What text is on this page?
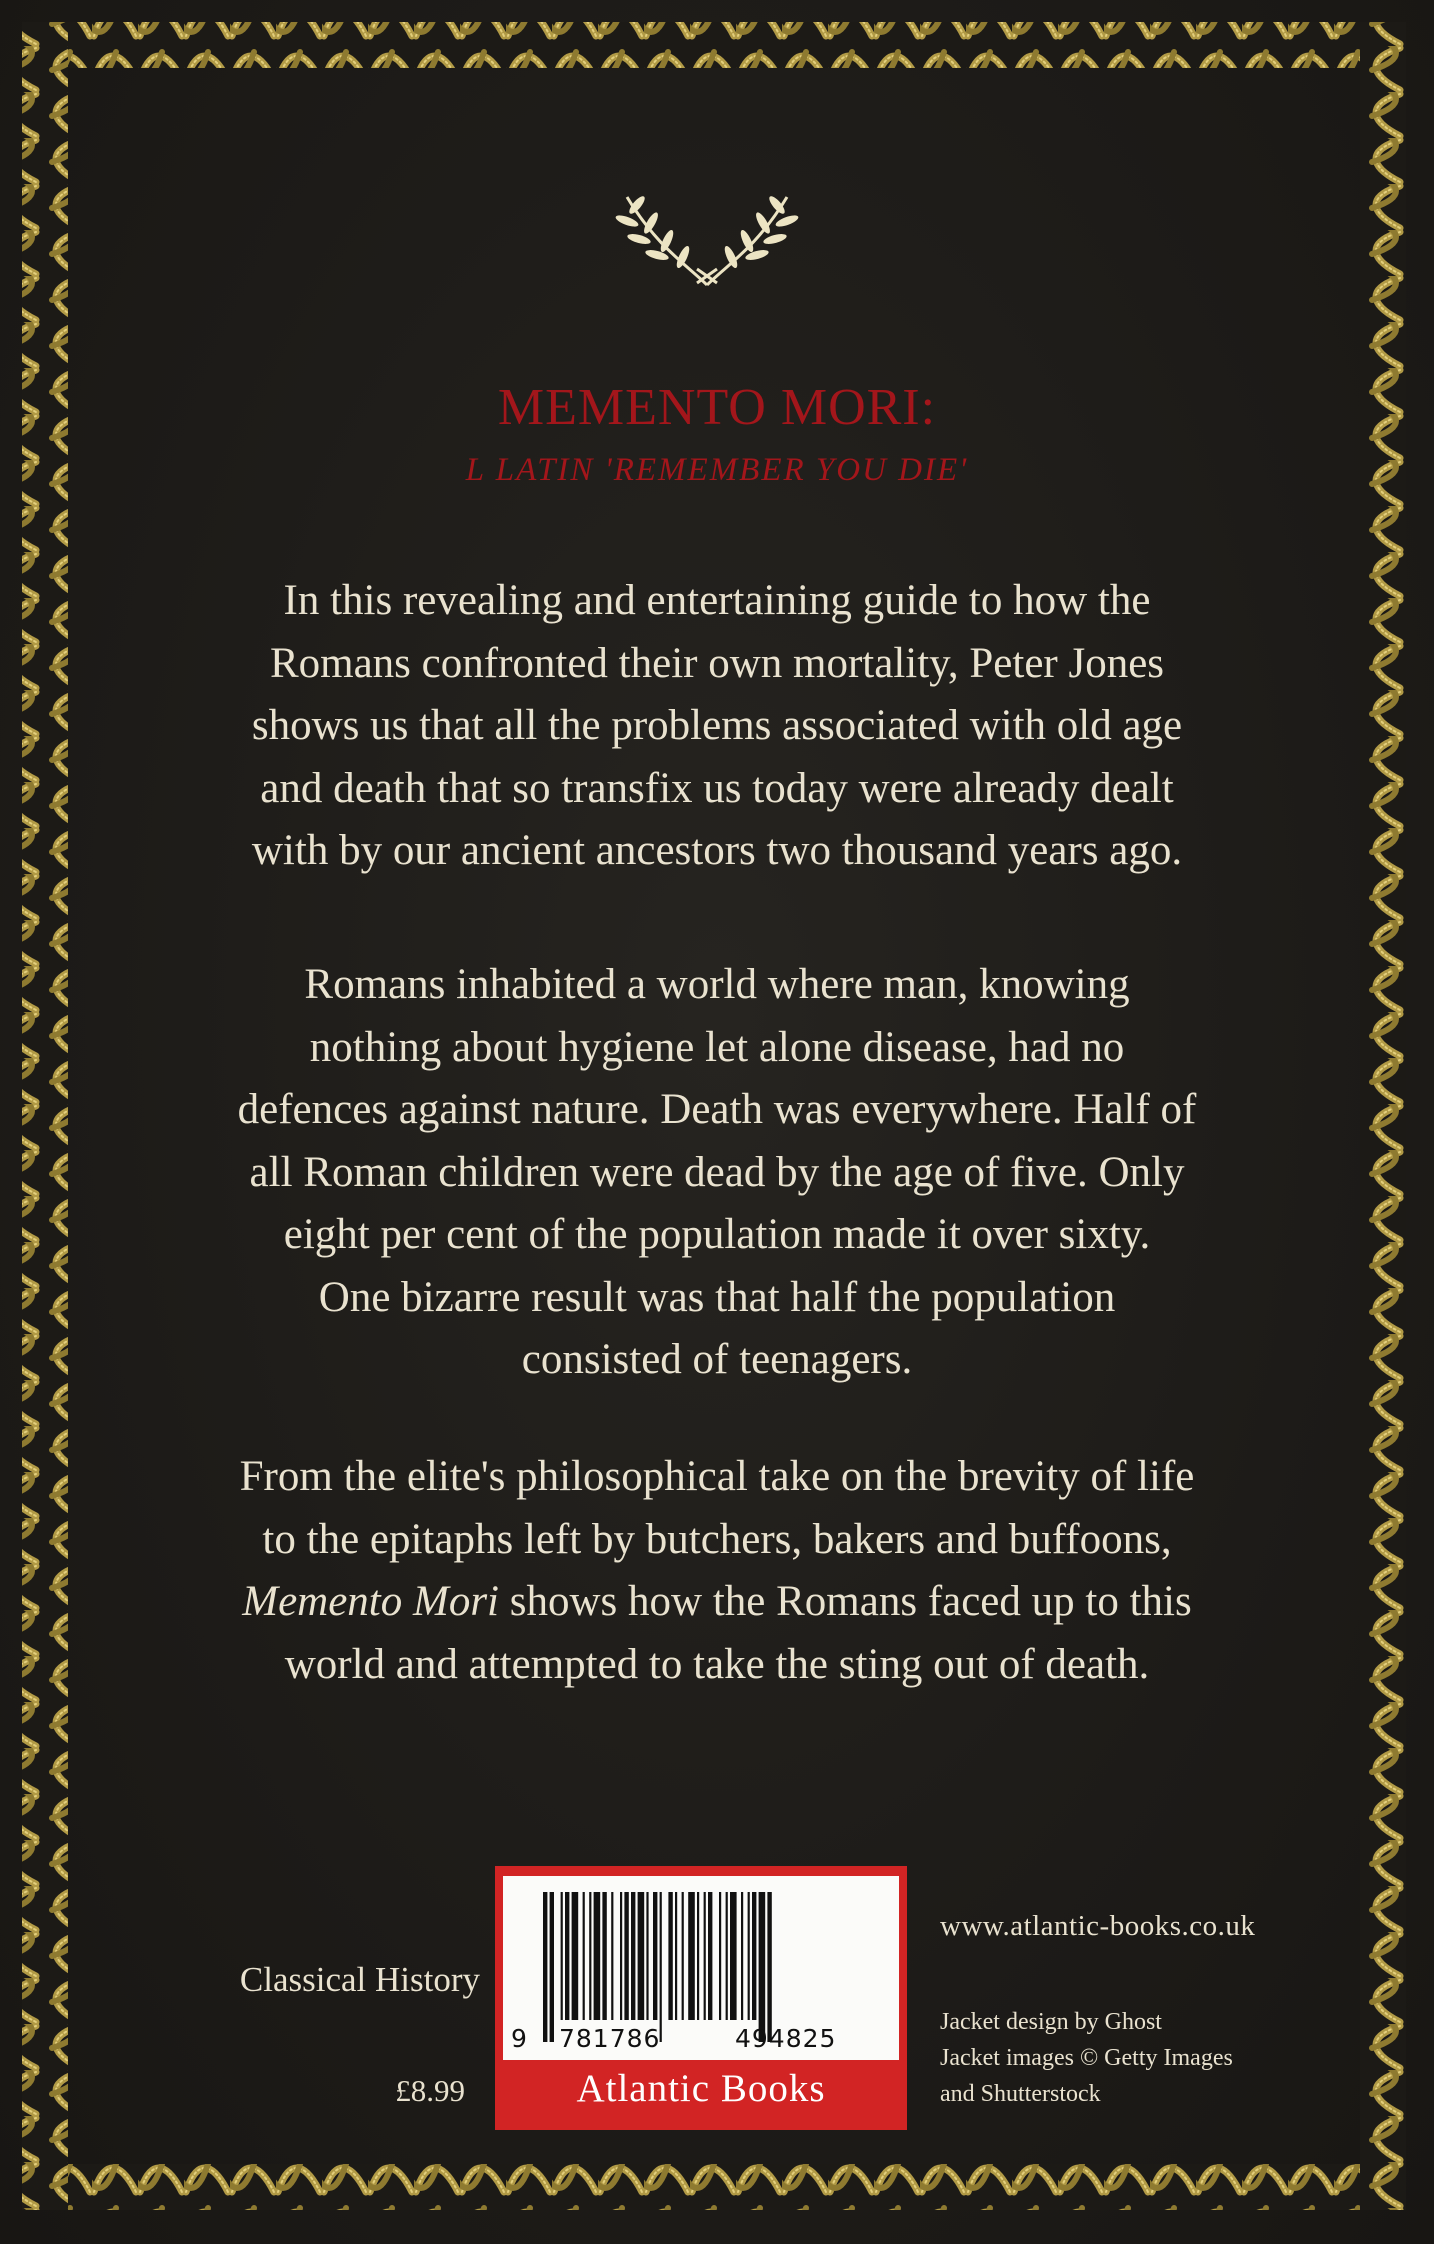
MEMENTO MORI:
L LATIN 'REMEMBER YOU DIE'
In this revealing and entertaining guide to how the
Romans confronted their own mortality, Peter Jones
shows us that all the problems associated with old age
and death that so transfix us today were already dealt
with by our ancient ancestors two thousand years ago.
Romans inhabited a world where man, knowing
nothing about hygiene let alone disease, had no
defences against nature. Death was everywhere. Half of
all Roman children were dead by the age of five. Only
eight per cent of the population made it over sixty.
One bizarre result was that half the population
consisted of teenagers.
From the elite's philosophical take on the brevity of life
to the epitaphs left by butchers, bakers and buffoons,
Memento Mori shows how the Romans faced up to this
world and attempted to take the sting out of death.
Classical History
£8.99
9 781786	494825
Atlantic Books
www.atlantic-books.co.uk
Jacket design by Ghost
Jacket images © Getty Images
and Shutterstock
